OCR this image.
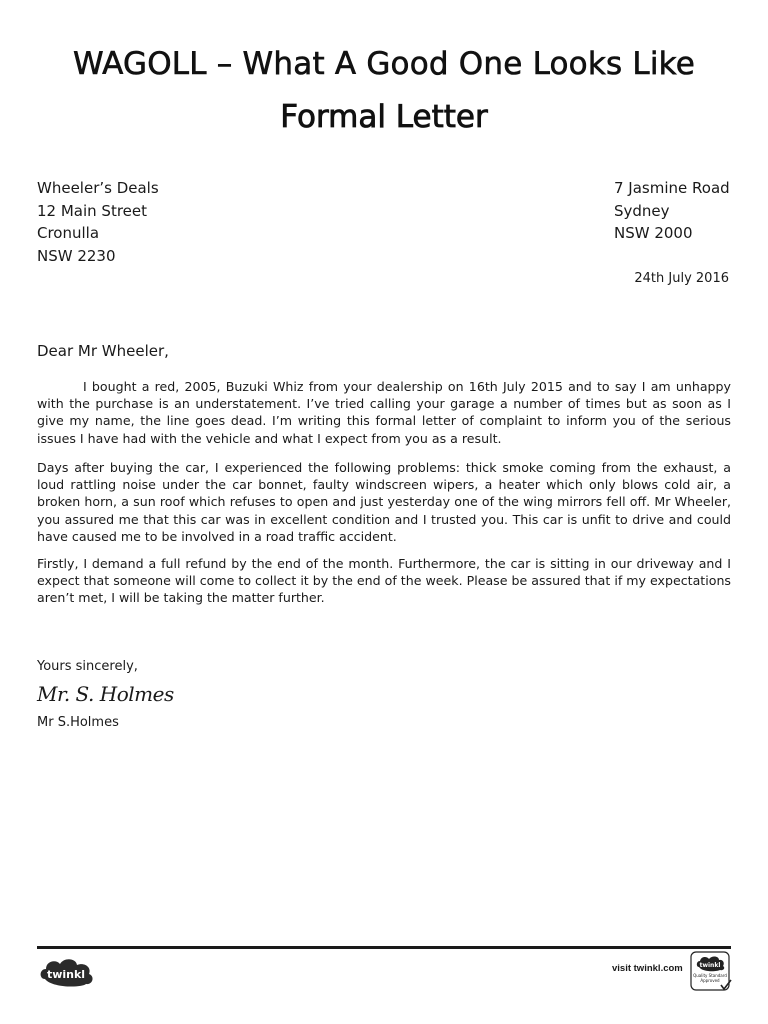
WAGOLL – What A Good One Looks Like
Formal Letter
Wheeler’s Deals
12 Main Street
Cronulla
NSW 2230
7 Jasmine Road
Sydney
NSW 2000
24th July 2016
Dear Mr Wheeler,
I bought a red, 2005, Buzuki Whiz from your dealership on 16th July 2015 and to say I am unhappy with the purchase is an understatement. I’ve tried calling your garage a number of times but as soon as I give my name, the line goes dead. I’m writing this formal letter of complaint to inform you of the serious issues I have had with the vehicle and what I expect from you as a result.
Days after buying the car, I experienced the following problems: thick smoke coming from the exhaust, a loud rattling noise under the car bonnet, faulty windscreen wipers, a heater which only blows cold air, a broken horn, a sun roof which refuses to open and just yesterday one of the wing mirrors fell off. Mr Wheeler, you assured me that this car was in excellent condition and I trusted you. This car is unfit to drive and could have caused me to be involved in a road traffic accident.
Firstly, I demand a full refund by the end of the month. Furthermore, the car is sitting in our driveway and I expect that someone will come to collect it by the end of the week. Please be assured that if my expectations aren’t met, I will be taking the matter further.
Yours sincerely,
Mr. S. Holmes
Mr S.Holmes
twinkl	visit twinkl.com	twinkl
Quality Standard Approved
